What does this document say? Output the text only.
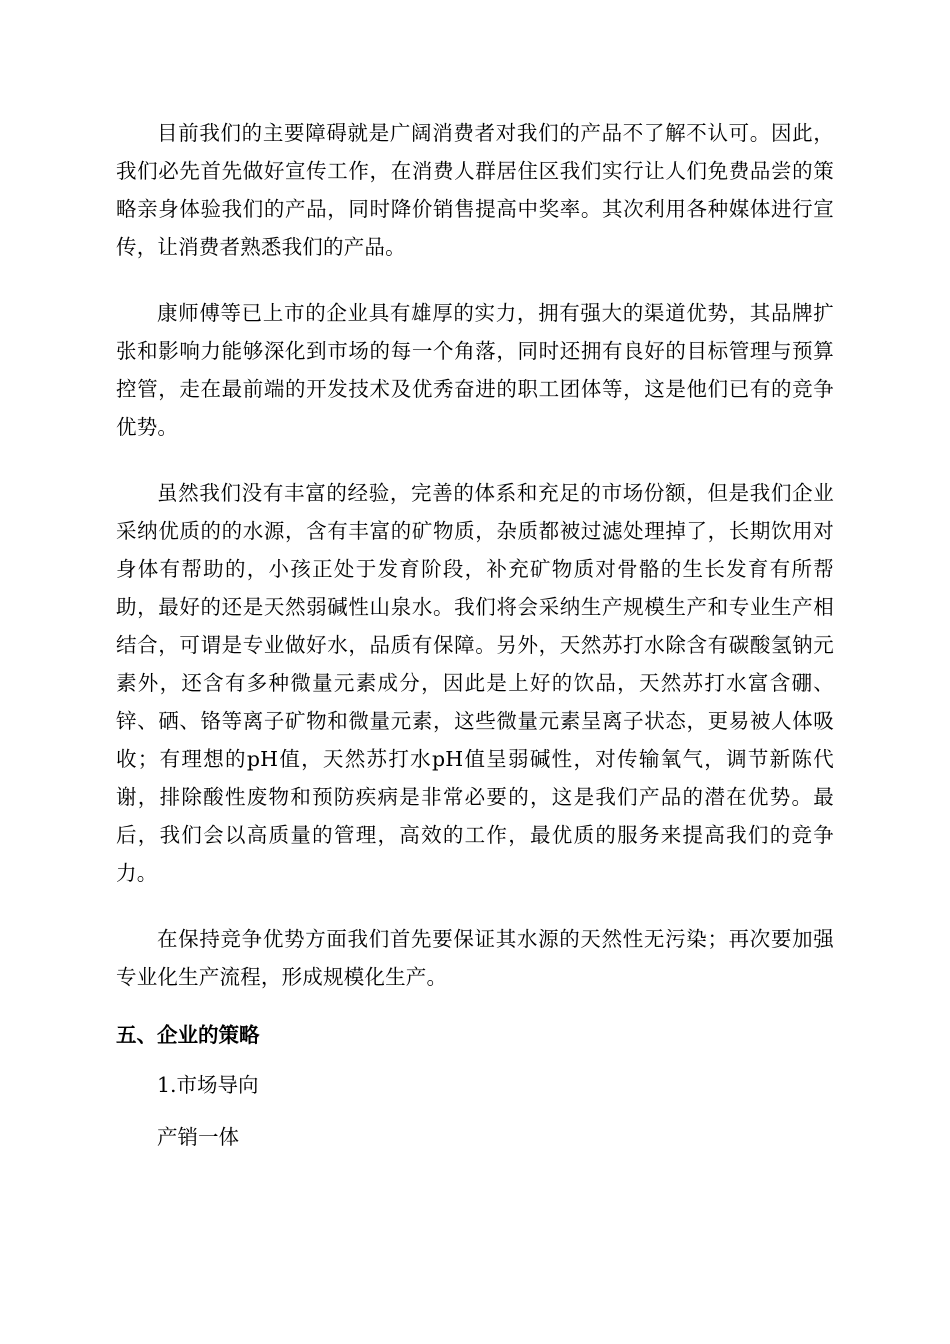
目前我们的主要障碍就是广阔消费者对我们的产品不了解不认可。因此，我们必先首先做好宣传工作，在消费人群居住区我们实行让人们免费品尝的策略亲身体验我们的产品，同时降价销售提高中奖率。其次利用各种媒体进行宣传，让消费者熟悉我们的产品。

康师傅等已上市的企业具有雄厚的实力，拥有强大的渠道优势，其品牌扩张和影响力能够深化到市场的每一个角落，同时还拥有良好的目标管理与预算控管，走在最前端的开发技术及优秀奋进的职工团体等，这是他们已有的竞争优势。

虽然我们没有丰富的经验，完善的体系和充足的市场份额，但是我们企业采纳优质的的水源，含有丰富的矿物质，杂质都被过滤处理掉了，长期饮用对身体有帮助的，小孩正处于发育阶段，补充矿物质对骨骼的生长发育有所帮助，最好的还是天然弱碱性山泉水。我们将会采纳生产规模生产和专业生产相结合，可谓是专业做好水，品质有保障。另外，天然苏打水除含有碳酸氢钠元素外，还含有多种微量元素成分，因此是上好的饮品，天然苏打水富含硼、锌、硒、铬等离子矿物和微量元素，这些微量元素呈离子状态，更易被人体吸收；有理想的pH值，天然苏打水pH值呈弱碱性，对传输氧气，调节新陈代谢，排除酸性废物和预防疾病是非常必要的，这是我们产品的潜在优势。最后，我们会以高质量的管理，高效的工作，最优质的服务来提高我们的竞争力。

在保持竞争优势方面我们首先要保证其水源的天然性无污染；再次要加强专业化生产流程，形成规模化生产。

五、企业的策略

1.市场导向

产销一体
